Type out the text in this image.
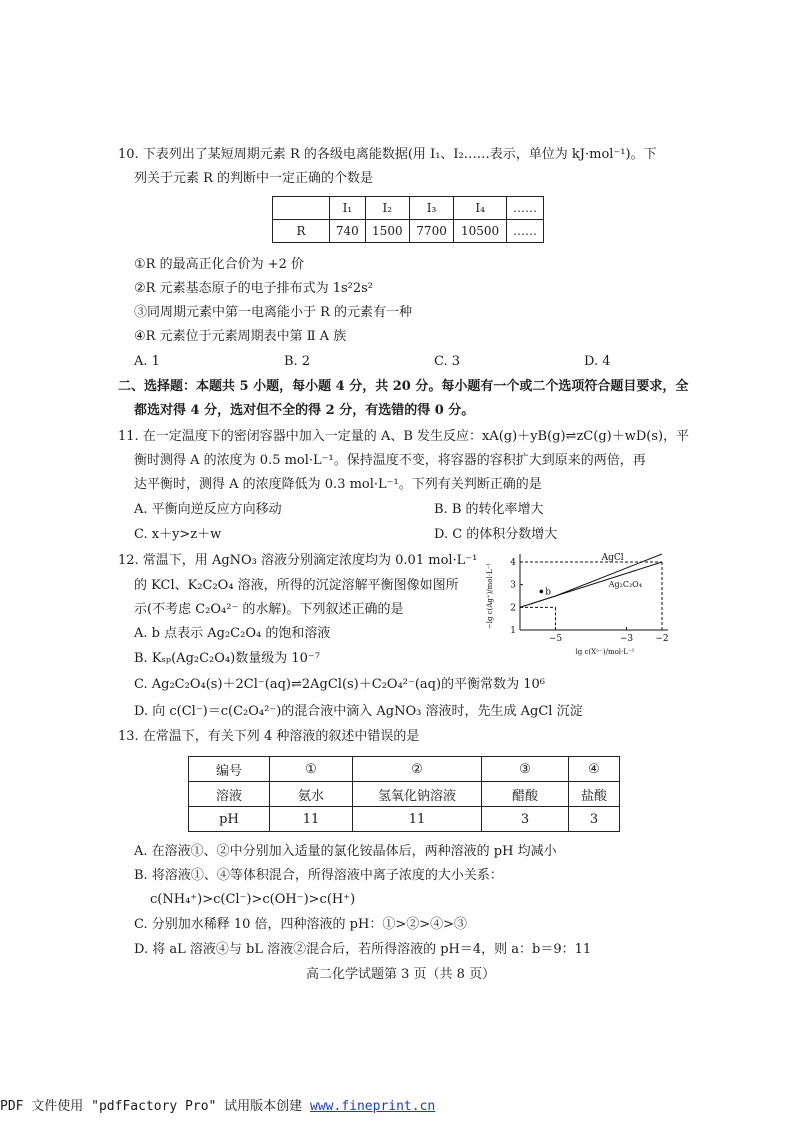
10. 下表列出了某短周期元素 R 的各级电离能数据(用 I₁、I₂……表示，单位为 kJ·mol⁻¹)。下
列关于元素 R 的判断中一定正确的个数是
	I₁	I₂	I₃	I₄	……
R	740	1500	7700	10500	……
①R 的最高正化合价为 +2 价
②R 元素基态原子的电子排布式为 1s²2s²
③同周期元素中第一电离能小于 R 的元素有一种
④R 元素位于元素周期表中第 Ⅱ A 族
A. 1	B. 2	C. 3	D. 4
二、选择题：本题共 5 小题，每小题 4 分，共 20 分。每小题有一个或二个选项符合题目要求，全
都选对得 4 分，选对但不全的得 2 分，有选错的得 0 分。
11. 在一定温度下的密闭容器中加入一定量的 A、B 发生反应：xA(g)＋yB(g)⇌zC(g)＋wD(s)，平
衡时测得 A 的浓度为 0.5 mol·L⁻¹。保持温度不变，将容器的容积扩大到原来的两倍，再
达平衡时，测得 A 的浓度降低为 0.3 mol·L⁻¹。下列有关判断正确的是
A. 平衡向逆反应方向移动	B. B 的转化率增大
C. x＋y>z＋w	D. C 的体积分数增大
12. 常温下，用 AgNO₃ 溶液分别滴定浓度均为 0.01 mol·L⁻¹
的 KCl、K₂C₂O₄ 溶液，所得的沉淀溶解平衡图像如图所
示(不考虑 C₂O₄²⁻ 的水解)。下列叙述正确的是
A. b 点表示 Ag₂C₂O₄ 的饱和溶液
B. Kₛₚ(Ag₂C₂O₄)数量级为 10⁻⁷
C. Ag₂C₂O₄(s)＋2Cl⁻(aq)⇌2AgCl(s)＋C₂O₄²⁻(aq)的平衡常数为 10⁶
D. 向 c(Cl⁻)＝c(C₂O₄²⁻)的混合液中滴入 AgNO₃ 溶液时，先生成 AgCl 沉淀
1
2
3
4
−5	−3 −2
AgCl
Ag₂C₂O₄
b
−lg c(Ag⁺)/mol·L⁻¹
lg c(Xⁿ⁻)/mol·L⁻¹
13. 在常温下，有关下列 4 种溶液的叙述中错误的是
编号	①	②	③	④
溶液	氨水	氢氧化钠溶液	醋酸	盐酸
pH	11	11	3	3
A. 在溶液①、②中分别加入适量的氯化铵晶体后，两种溶液的 pH 均减小
B. 将溶液①、④等体积混合，所得溶液中离子浓度的大小关系：
c(NH₄⁺)>c(Cl⁻)>c(OH⁻)>c(H⁺)
C. 分别加水稀释 10 倍，四种溶液的 pH：①>②>④>③
D. 将 aL 溶液④与 bL 溶液②混合后，若所得溶液的 pH＝4，则 a：b＝9：11
高二化学试题第 3 页（共 8 页）
PDF 文件使用 "pdfFactory Pro" 试用版本创建 www.fineprint.cn
